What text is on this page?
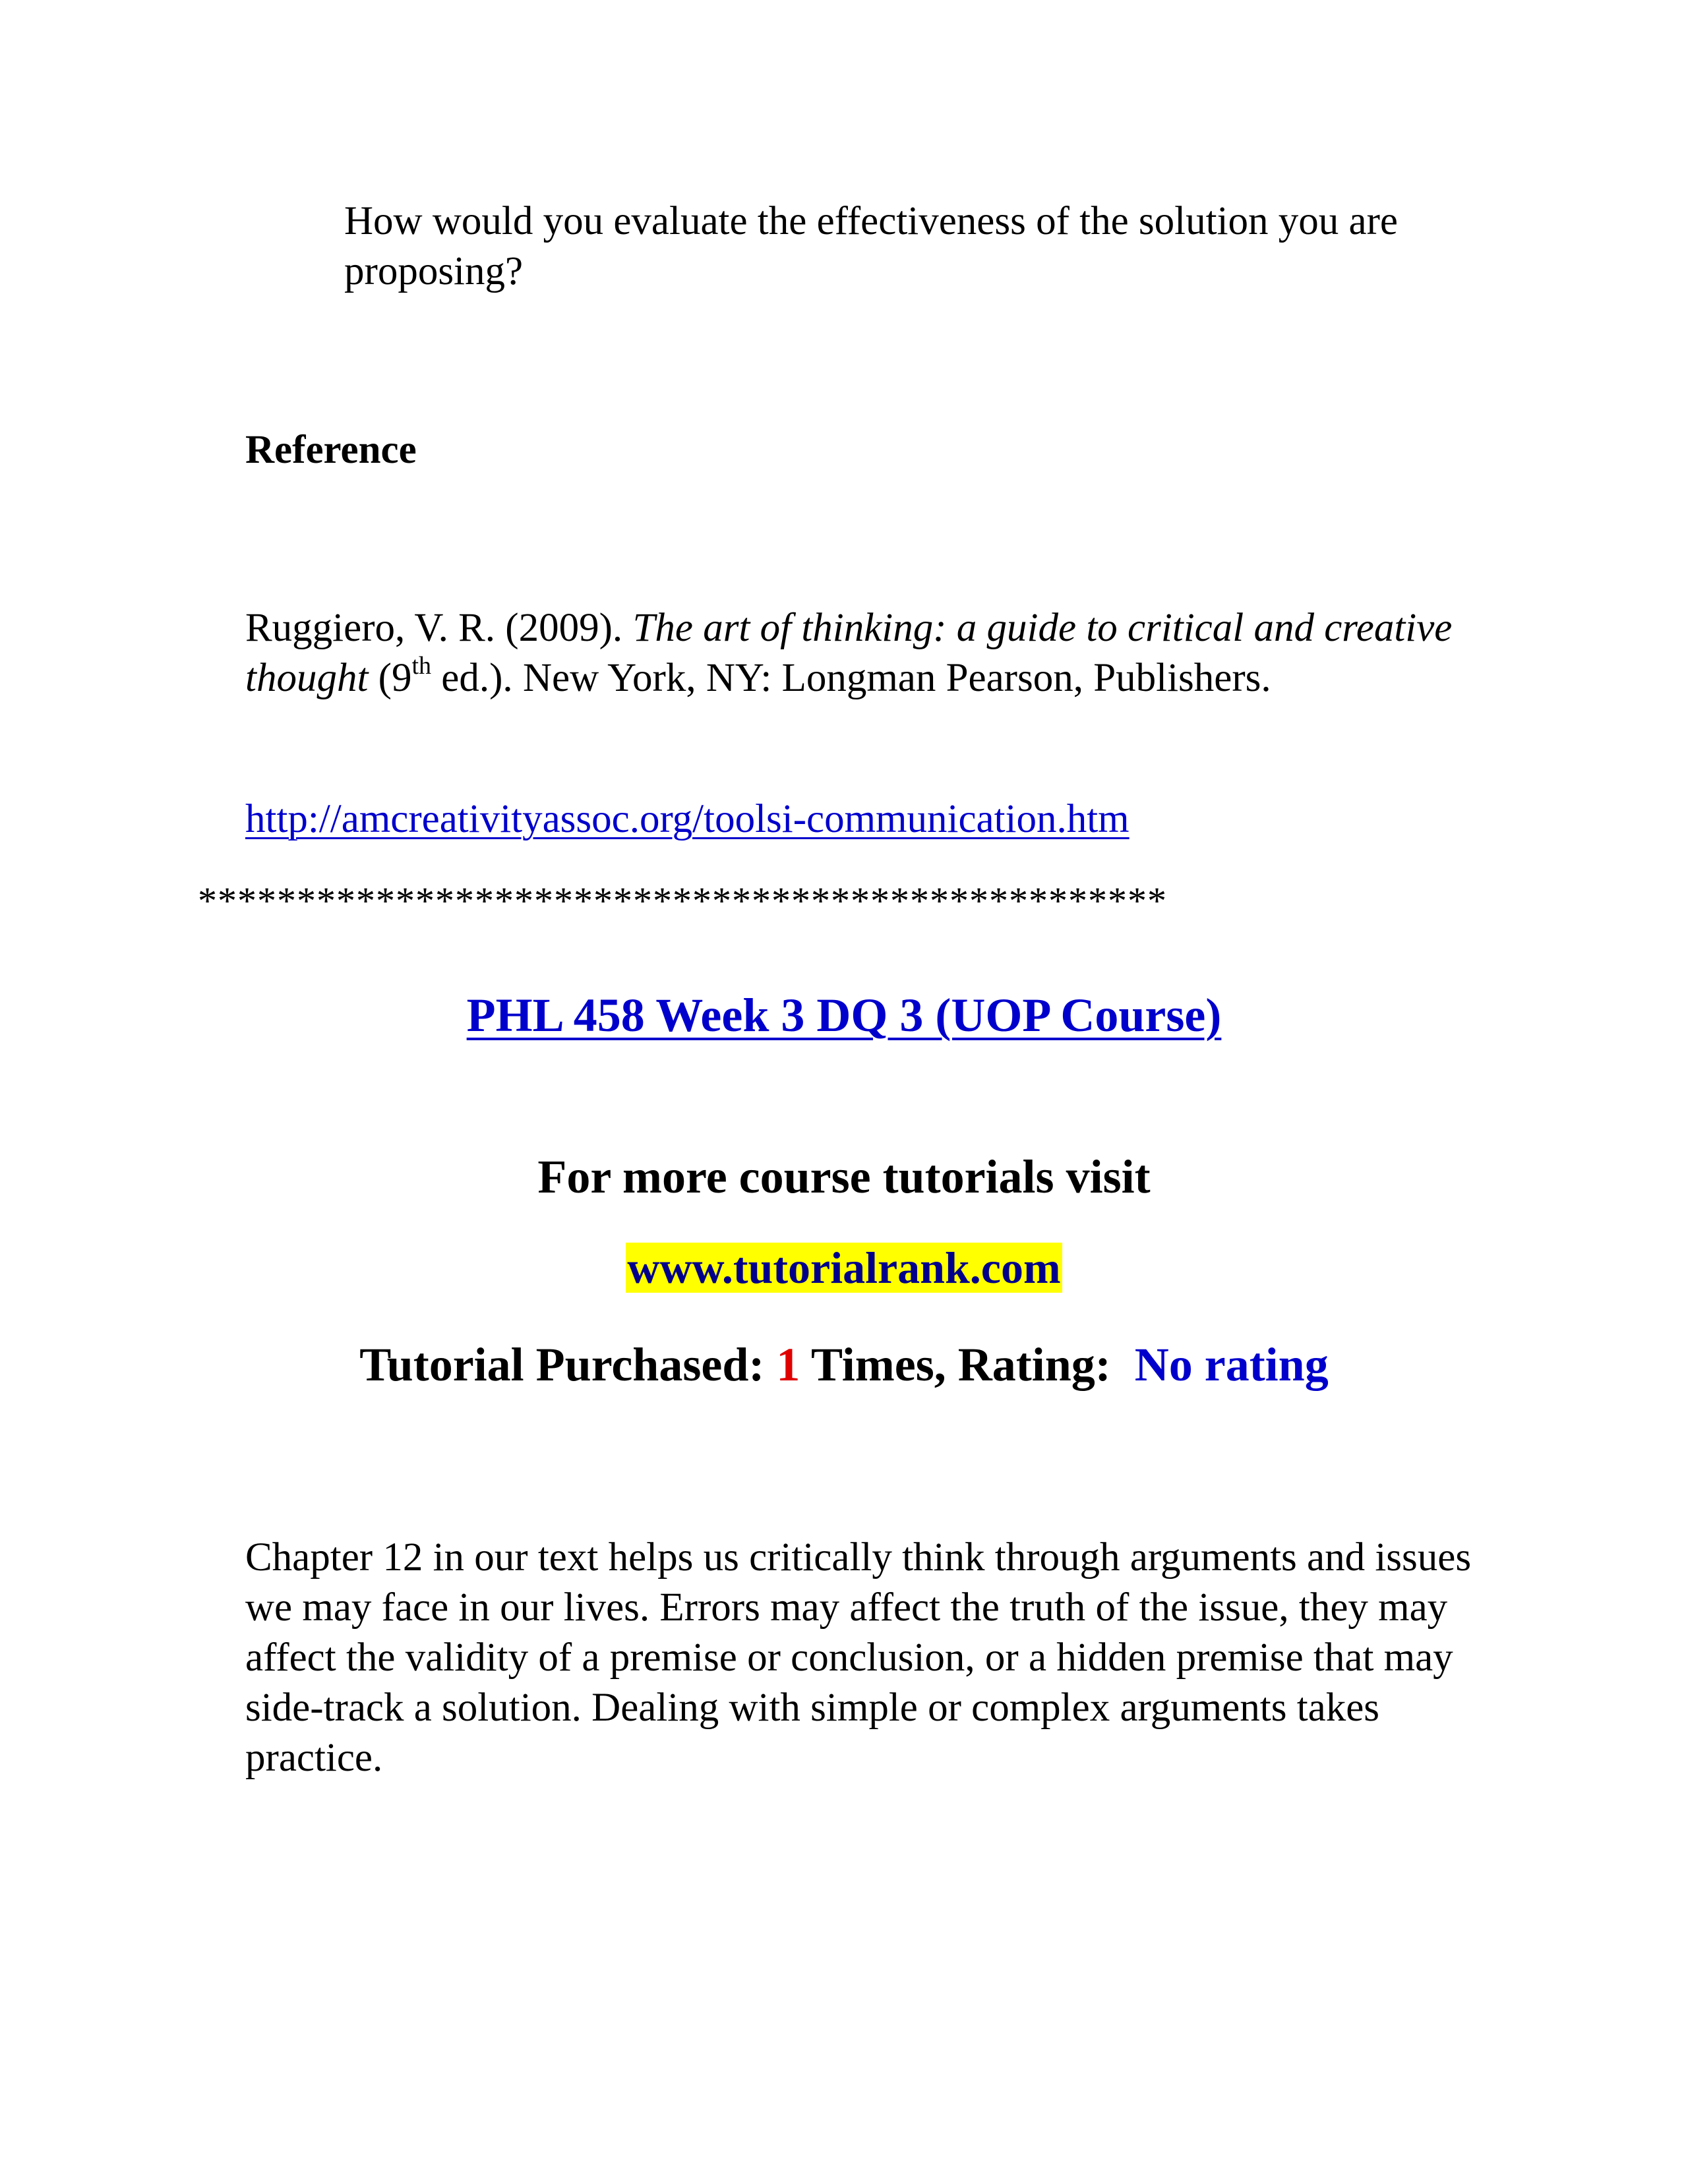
How would you evaluate the effectiveness of the solution you are proposing?

Reference

Ruggiero, V. R. (2009). The art of thinking: a guide to critical and creative thought (9th ed.). New York, NY: Longman Pearson, Publishers.

http://amcreativityassoc.org/toolsi-communication.htm
*************************************************
PHL 458 Week 3 DQ 3 (UOP Course)
For more course tutorials visit
www.tutorialrank.com
Tutorial Purchased: 1 Times, Rating: No rating

Chapter 12 in our text helps us critically think through arguments and issues we may face in our lives. Errors may affect the truth of the issue, they may affect the validity of a premise or conclusion, or a hidden premise that may side-track a solution. Dealing with simple or complex arguments takes practice.
